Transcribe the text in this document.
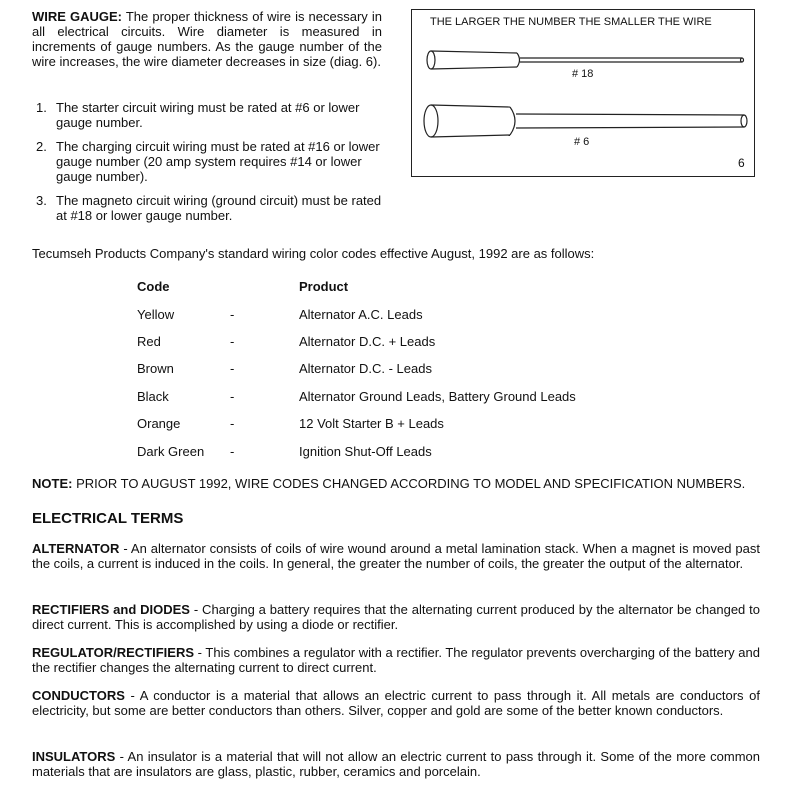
WIRE GAUGE: The proper thickness of wire is necessary in all electrical circuits. Wire diameter is measured in increments of gauge numbers. As the gauge number of the wire increases, the wire diameter decreases in size (diag. 6).

1. The starter circuit wiring must be rated at #6 or lower gauge number.
2. The charging circuit wiring must be rated at #16 or lower gauge number (20 amp system requires #14 or lower gauge number).
3. The magneto circuit wiring (ground circuit) must be rated at #18 or lower gauge number.
THE LARGER THE NUMBER THE SMALLER THE WIRE
# 18
# 6
6
Tecumseh Products Company's standard wiring color codes effective August, 1992 are as follows:
Code		Product
Yellow	-	Alternator A.C. Leads
Red	-	Alternator D.C. + Leads
Brown	-	Alternator D.C. - Leads
Black	-	Alternator Ground Leads, Battery Ground Leads
Orange	-	12 Volt Starter B + Leads
Dark Green	-	Ignition Shut-Off Leads

NOTE: PRIOR TO AUGUST 1992, WIRE CODES CHANGED ACCORDING TO MODEL AND SPECIFICATION NUMBERS.

ELECTRICAL TERMS

ALTERNATOR - An alternator consists of coils of wire wound around a metal lamination stack. When a magnet is moved past the coils, a current is induced in the coils. In general, the greater the number of coils, the greater the output of the alternator.

RECTIFIERS and DIODES - Charging a battery requires that the alternating current produced by the alternator be changed to direct current. This is accomplished by using a diode or rectifier.

REGULATOR/RECTIFIERS - This combines a regulator with a rectifier. The regulator prevents overcharging of the battery and the rectifier changes the alternating current to direct current.

CONDUCTORS - A conductor is a material that allows an electric current to pass through it. All metals are conductors of electricity, but some are better conductors than others. Silver, copper and gold are some of the better known conductors.

INSULATORS - An insulator is a material that will not allow an electric current to pass through it. Some of the more common materials that are insulators are glass, plastic, rubber, ceramics and porcelain.
